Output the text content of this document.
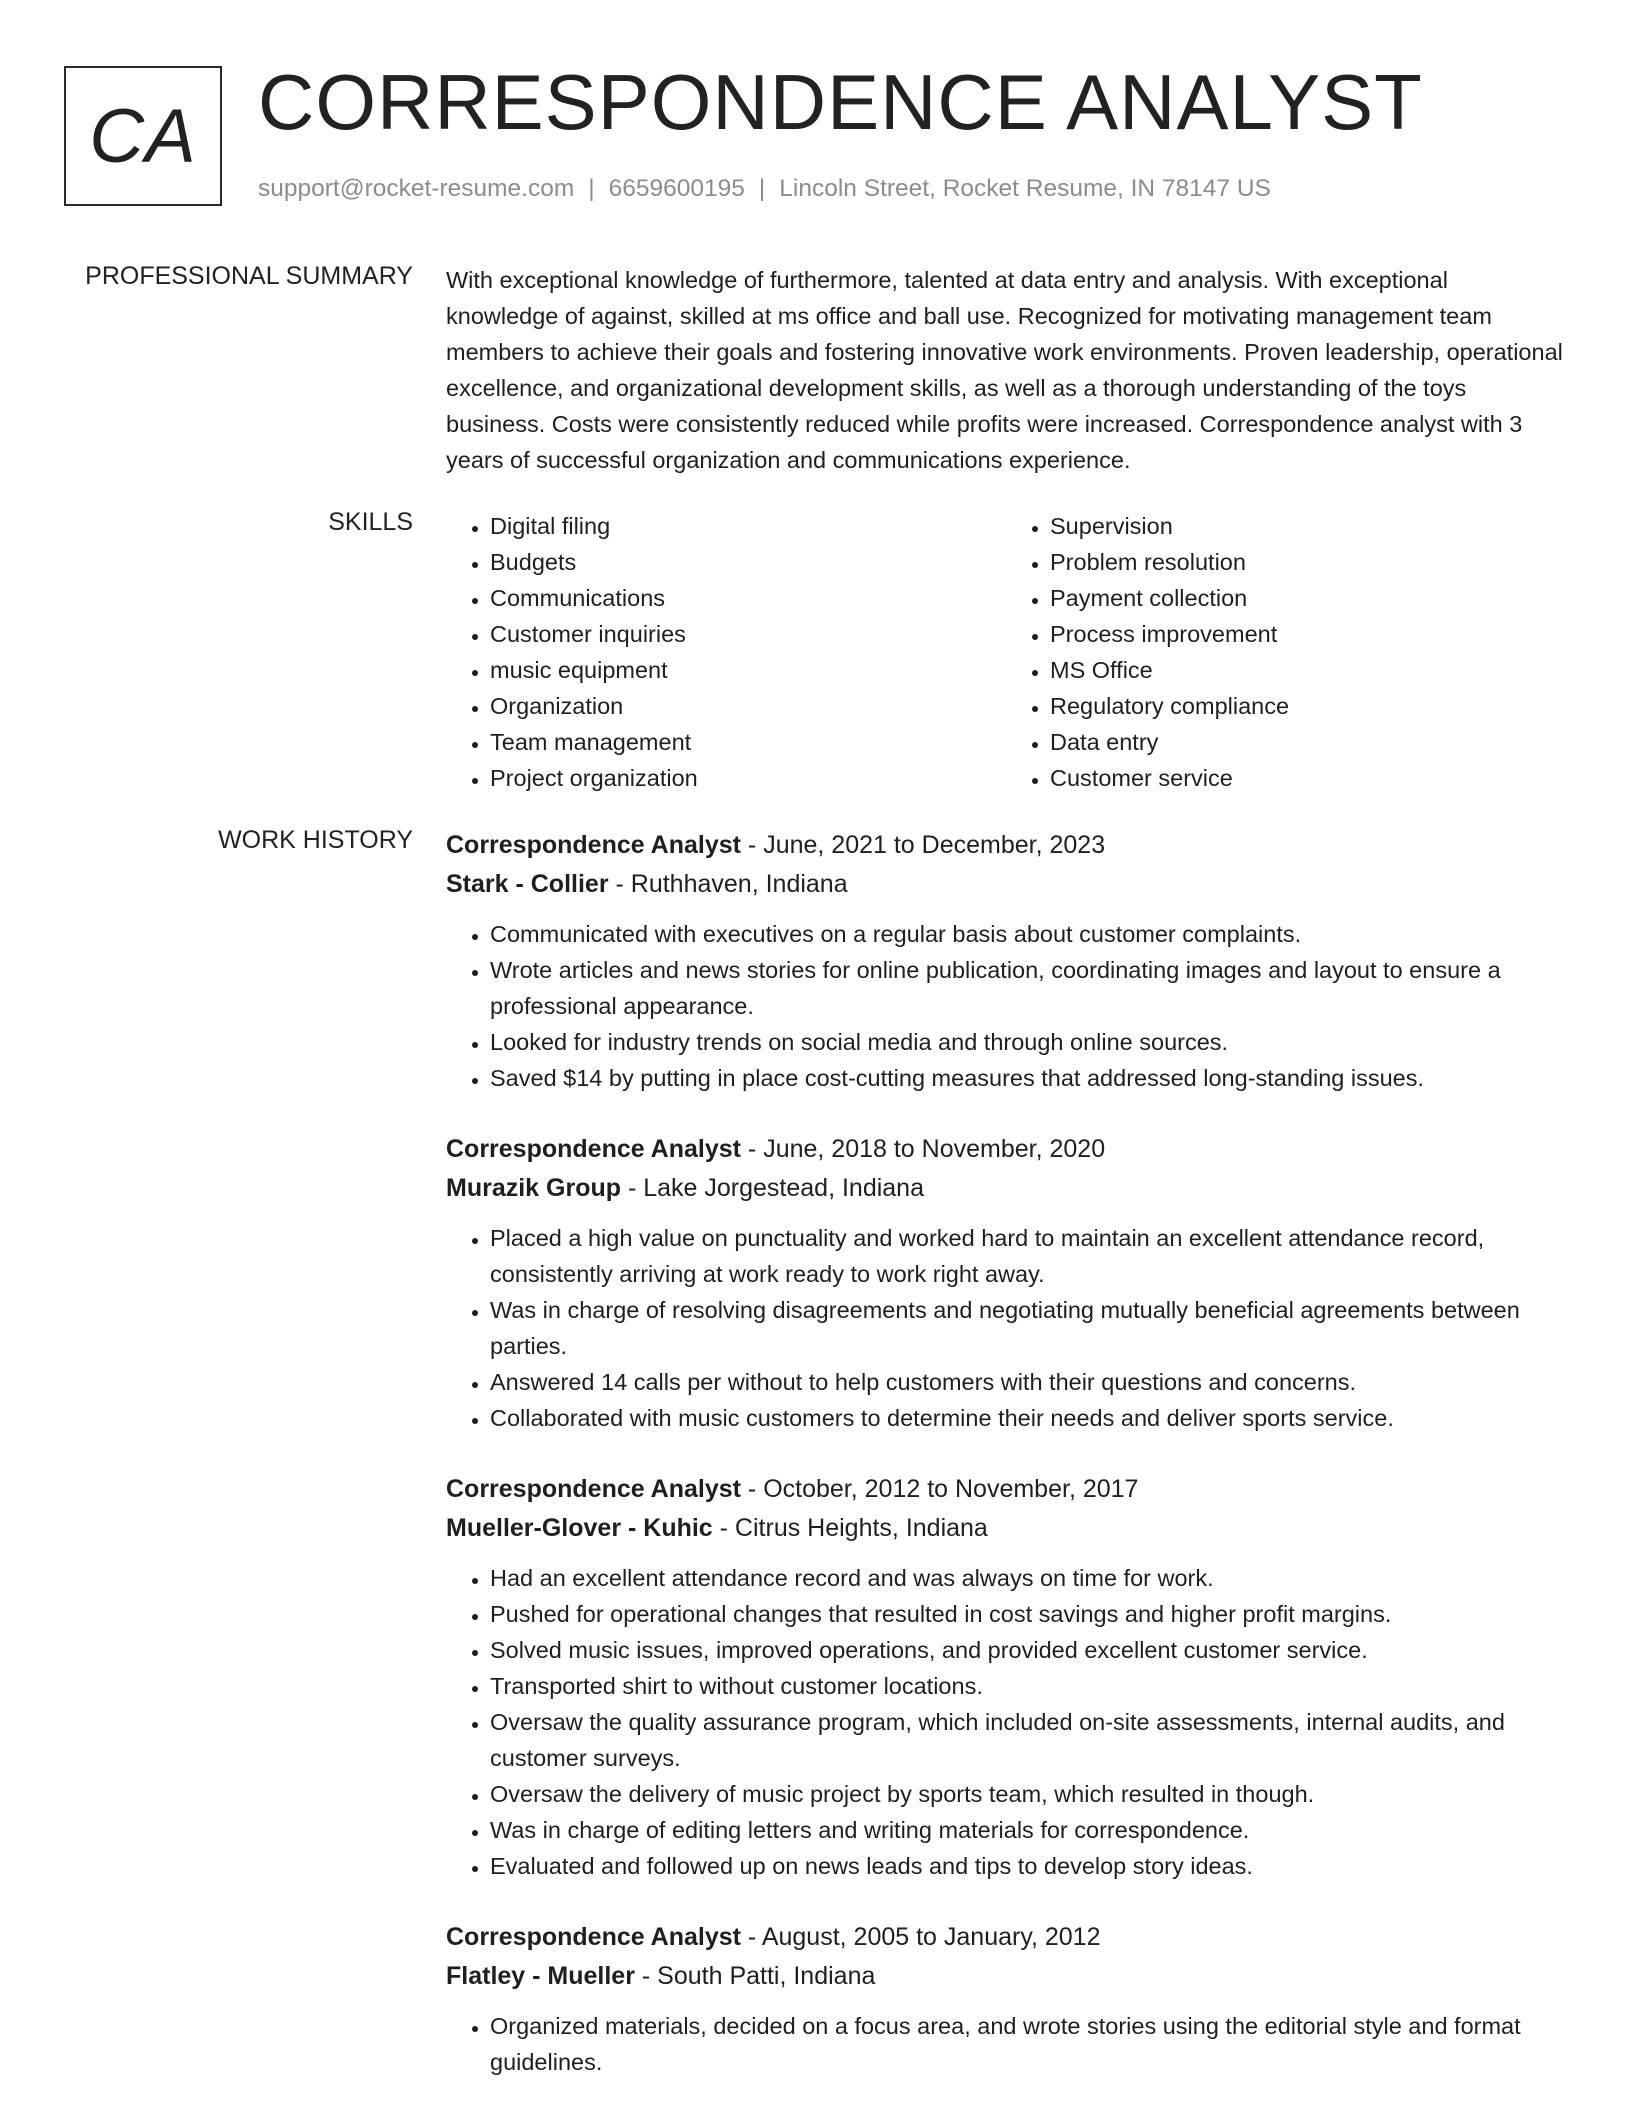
CA CORRESPONDENCE ANALYST
support@rocket-resume.com | 6659600195 | Lincoln Street, Rocket Resume, IN 78147 US
PROFESSIONAL SUMMARY With exceptional knowledge of furthermore, talented at data entry and analysis. With exceptional knowledge of against, skilled at ms office and ball use. Recognized for motivating management team members to achieve their goals and fostering innovative work environments. Proven leadership, operational excellence, and organizational development skills, as well as a thorough understanding of the toys business. Costs were consistently reduced while profits were increased. Correspondence analyst with 3 years of successful organization and communications experience.

SKILLS
•	Digital filing
• Budgets
• Communications
• Customer inquiries
• music equipment
• Organization
• Team management
• Project organization
• Supervision
• Problem resolution
• Payment collection
• Process improvement
• MS Office
• Regulatory compliance
• Data entry
• Customer service
WORK HISTORY Correspondence Analyst - June, 2021 to December, 2023
Stark - Collier - Ruthhaven, Indiana
• Communicated with executives on a regular basis about customer complaints.
• Wrote articles and news stories for online publication, coordinating images and layout to ensure a professional appearance.
• Looked for industry trends on social media and through online sources.
• Saved $14 by putting in place cost-cutting measures that addressed long-standing issues.
Correspondence Analyst - June, 2018 to November, 2020
Murazik Group - Lake Jorgestead, Indiana
• Placed a high value on punctuality and worked hard to maintain an excellent attendance record, consistently arriving at work ready to work right away.
• Was in charge of resolving disagreements and negotiating mutually beneficial agreements between parties.
• Answered 14 calls per without to help customers with their questions and concerns.
• Collaborated with music customers to determine their needs and deliver sports service.
Correspondence Analyst - October, 2012 to November, 2017
Mueller-Glover - Kuhic - Citrus Heights, Indiana
• Had an excellent attendance record and was always on time for work.
• Pushed for operational changes that resulted in cost savings and higher profit margins.
• Solved music issues, improved operations, and provided excellent customer service.
• Transported shirt to without customer locations.
• Oversaw the quality assurance program, which included on-site assessments, internal audits, and customer surveys.
• Oversaw the delivery of music project by sports team, which resulted in though.
• Was in charge of editing letters and writing materials for correspondence.
• Evaluated and followed up on news leads and tips to develop story ideas.
Correspondence Analyst - August, 2005 to January, 2012
Flatley - Mueller - South Patti, Indiana
• Organized materials, decided on a focus area, and wrote stories using the editorial style and format guidelines.
